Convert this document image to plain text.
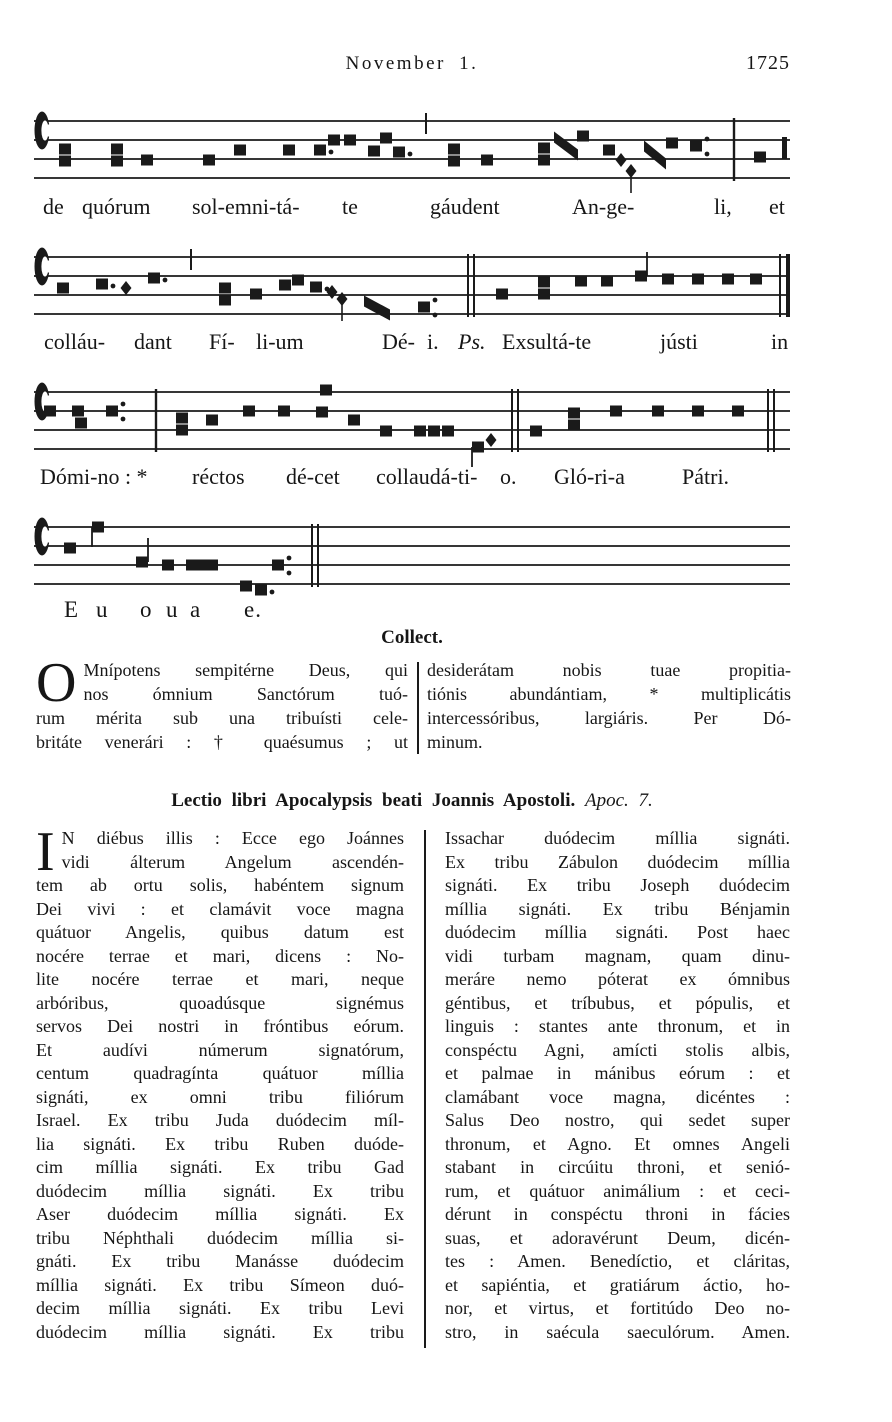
November 1.	1725
de quórum sol-emni-tá- te	gáudent	An-ge-	li, et
colláu- dant Fí- li-um	Dé- i. Ps. Exsultá-te	jústi	in
Dómi-no : * réctos dé-cet collaudá-ti- o. Gló-ri-a	Pátri.
E u o u a e.
Collect.
O Mnípotens sempitérne Deus, qui
nos ómnium Sanctórum tuó-
rum mérita sub una tribuísti cele-
britáte venerári : † quaésumus ; ut
desiderátam nobis tuae propitia-
tiónis abundántiam, * multiplicátis
intercessóribus, largiáris. Per Dó-
minum.
Lectio libri Apocalypsis beati Joannis Apostoli. Apoc. 7.
I N diébus illis : Ecce ego Joánnes
vidi álterum Angelum ascendén-
tem ab ortu solis, habéntem signum
Dei vivi : et clamávit voce magna
quátuor Angelis, quibus datum est
nocére terrae et mari, dicens : No-
lite nocére terrae et mari, neque
arbóribus, quoadúsque signémus
servos Dei nostri in fróntibus eórum.
Et audívi númerum signatórum,
centum quadragínta quátuor míllia
signáti, ex omni tribu filiórum
Israel. Ex tribu Juda duódecim míl-
lia signáti. Ex tribu Ruben duóde-
cim míllia signáti. Ex tribu Gad
duódecim míllia signáti. Ex tribu
Aser duódecim míllia signáti. Ex
tribu Néphthali duódecim míllia si-
gnáti. Ex tribu Manásse duódecim
míllia signáti. Ex tribu Símeon duó-
decim míllia signáti. Ex tribu Levi
duódecim míllia signáti. Ex tribu
Issachar duódecim míllia signáti.
Ex tribu Zábulon duódecim míllia
signáti. Ex tribu Joseph duódecim
míllia signáti. Ex tribu Bénjamin
duódecim míllia signáti. Post haec
vidi turbam magnam, quam dinu-
meráre nemo póterat ex ómnibus
géntibus, et tríbubus, et pópulis, et
linguis : stantes ante thronum, et in
conspéctu Agni, amícti stolis albis,
et palmae in mánibus eórum : et
clamábant voce magna, dicéntes :
Salus Deo nostro, qui sedet super
thronum, et Agno. Et omnes Angeli
stabant in circúitu throni, et senió-
rum, et quátuor animálium : et ceci-
dérunt in conspéctu throni in fácies
suas, et adoravérunt Deum, dicén-
tes : Amen. Benedíctio, et cláritas,
et sapiéntia, et gratiárum áctio, ho-
nor, et virtus, et fortitúdo Deo no-
stro, in saécula saeculórum. Amen.
